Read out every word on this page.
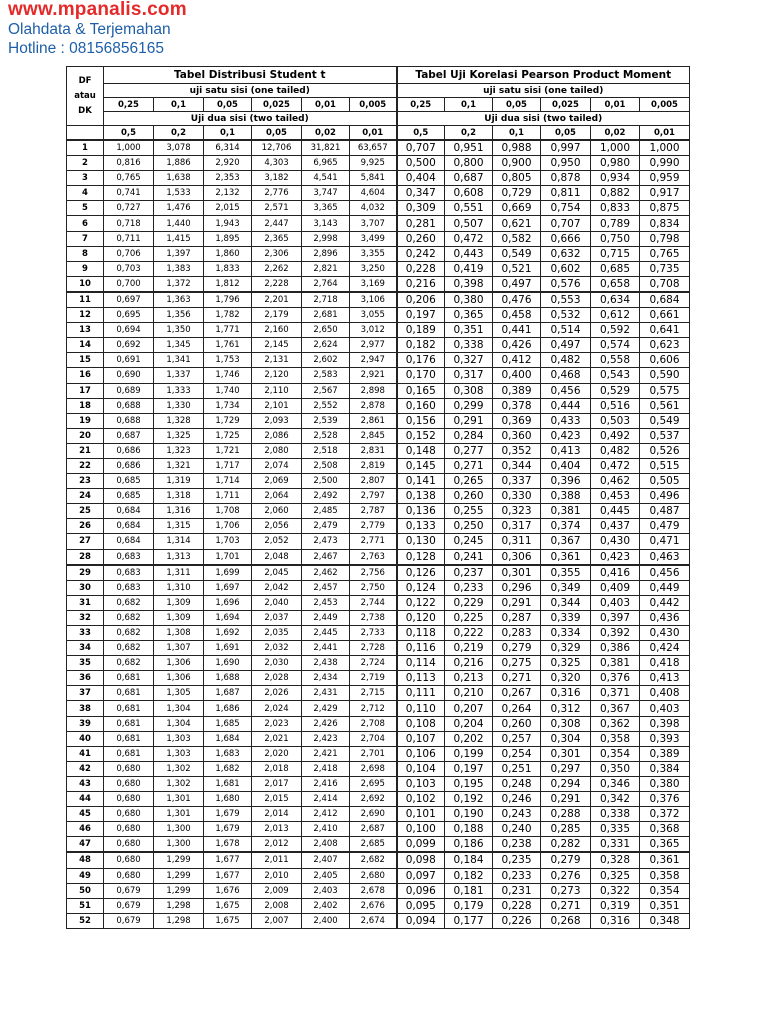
www.mpanalis.com
Olahdata & Terjemahan
Hotline : 08156856165
DF
atau
DK	Tabel Distribusi Student t						Tabel Uji Korelasi Pearson Product Moment					
	uji satu sisi (one tailed)						uji satu sisi (one tailed)					
	0,25	0,1	0,05	0,025	0,01	0,005	0,25	0,1	0,05	0,025	0,01	0,005
	Uji dua sisi (two tailed)						Uji dua sisi (two tailed)					
	0,5	0,2	0,1	0,05	0,02	0,01	0,5	0,2	0,1	0,05	0,02	0,01
1	1,000	3,078	6,314	12,706	31,821	63,657	0,707	0,951	0,988	0,997	1,000	1,000
2	0,816	1,886	2,920	4,303	6,965	9,925	0,500	0,800	0,900	0,950	0,980	0,990
3	0,765	1,638	2,353	3,182	4,541	5,841	0,404	0,687	0,805	0,878	0,934	0,959
4	0,741	1,533	2,132	2,776	3,747	4,604	0,347	0,608	0,729	0,811	0,882	0,917
5	0,727	1,476	2,015	2,571	3,365	4,032	0,309	0,551	0,669	0,754	0,833	0,875
6	0,718	1,440	1,943	2,447	3,143	3,707	0,281	0,507	0,621	0,707	0,789	0,834
7	0,711	1,415	1,895	2,365	2,998	3,499	0,260	0,472	0,582	0,666	0,750	0,798
8	0,706	1,397	1,860	2,306	2,896	3,355	0,242	0,443	0,549	0,632	0,715	0,765
9	0,703	1,383	1,833	2,262	2,821	3,250	0,228	0,419	0,521	0,602	0,685	0,735
10	0,700	1,372	1,812	2,228	2,764	3,169	0,216	0,398	0,497	0,576	0,658	0,708
11	0,697	1,363	1,796	2,201	2,718	3,106	0,206	0,380	0,476	0,553	0,634	0,684
12	0,695	1,356	1,782	2,179	2,681	3,055	0,197	0,365	0,458	0,532	0,612	0,661
13	0,694	1,350	1,771	2,160	2,650	3,012	0,189	0,351	0,441	0,514	0,592	0,641
14	0,692	1,345	1,761	2,145	2,624	2,977	0,182	0,338	0,426	0,497	0,574	0,623
15	0,691	1,341	1,753	2,131	2,602	2,947	0,176	0,327	0,412	0,482	0,558	0,606
16	0,690	1,337	1,746	2,120	2,583	2,921	0,170	0,317	0,400	0,468	0,543	0,590
17	0,689	1,333	1,740	2,110	2,567	2,898	0,165	0,308	0,389	0,456	0,529	0,575
18	0,688	1,330	1,734	2,101	2,552	2,878	0,160	0,299	0,378	0,444	0,516	0,561
19	0,688	1,328	1,729	2,093	2,539	2,861	0,156	0,291	0,369	0,433	0,503	0,549
20	0,687	1,325	1,725	2,086	2,528	2,845	0,152	0,284	0,360	0,423	0,492	0,537
21	0,686	1,323	1,721	2,080	2,518	2,831	0,148	0,277	0,352	0,413	0,482	0,526
22	0,686	1,321	1,717	2,074	2,508	2,819	0,145	0,271	0,344	0,404	0,472	0,515
23	0,685	1,319	1,714	2,069	2,500	2,807	0,141	0,265	0,337	0,396	0,462	0,505
24	0,685	1,318	1,711	2,064	2,492	2,797	0,138	0,260	0,330	0,388	0,453	0,496
25	0,684	1,316	1,708	2,060	2,485	2,787	0,136	0,255	0,323	0,381	0,445	0,487
26	0,684	1,315	1,706	2,056	2,479	2,779	0,133	0,250	0,317	0,374	0,437	0,479
27	0,684	1,314	1,703	2,052	2,473	2,771	0,130	0,245	0,311	0,367	0,430	0,471
28	0,683	1,313	1,701	2,048	2,467	2,763	0,128	0,241	0,306	0,361	0,423	0,463
29	0,683	1,311	1,699	2,045	2,462	2,756	0,126	0,237	0,301	0,355	0,416	0,456
30	0,683	1,310	1,697	2,042	2,457	2,750	0,124	0,233	0,296	0,349	0,409	0,449
31	0,682	1,309	1,696	2,040	2,453	2,744	0,122	0,229	0,291	0,344	0,403	0,442
32	0,682	1,309	1,694	2,037	2,449	2,738	0,120	0,225	0,287	0,339	0,397	0,436
33	0,682	1,308	1,692	2,035	2,445	2,733	0,118	0,222	0,283	0,334	0,392	0,430
34	0,682	1,307	1,691	2,032	2,441	2,728	0,116	0,219	0,279	0,329	0,386	0,424
35	0,682	1,306	1,690	2,030	2,438	2,724	0,114	0,216	0,275	0,325	0,381	0,418
36	0,681	1,306	1,688	2,028	2,434	2,719	0,113	0,213	0,271	0,320	0,376	0,413
37	0,681	1,305	1,687	2,026	2,431	2,715	0,111	0,210	0,267	0,316	0,371	0,408
38	0,681	1,304	1,686	2,024	2,429	2,712	0,110	0,207	0,264	0,312	0,367	0,403
39	0,681	1,304	1,685	2,023	2,426	2,708	0,108	0,204	0,260	0,308	0,362	0,398
40	0,681	1,303	1,684	2,021	2,423	2,704	0,107	0,202	0,257	0,304	0,358	0,393
41	0,681	1,303	1,683	2,020	2,421	2,701	0,106	0,199	0,254	0,301	0,354	0,389
42	0,680	1,302	1,682	2,018	2,418	2,698	0,104	0,197	0,251	0,297	0,350	0,384
43	0,680	1,302	1,681	2,017	2,416	2,695	0,103	0,195	0,248	0,294	0,346	0,380
44	0,680	1,301	1,680	2,015	2,414	2,692	0,102	0,192	0,246	0,291	0,342	0,376
45	0,680	1,301	1,679	2,014	2,412	2,690	0,101	0,190	0,243	0,288	0,338	0,372
46	0,680	1,300	1,679	2,013	2,410	2,687	0,100	0,188	0,240	0,285	0,335	0,368
47	0,680	1,300	1,678	2,012	2,408	2,685	0,099	0,186	0,238	0,282	0,331	0,365
48	0,680	1,299	1,677	2,011	2,407	2,682	0,098	0,184	0,235	0,279	0,328	0,361
49	0,680	1,299	1,677	2,010	2,405	2,680	0,097	0,182	0,233	0,276	0,325	0,358
50	0,679	1,299	1,676	2,009	2,403	2,678	0,096	0,181	0,231	0,273	0,322	0,354
51	0,679	1,298	1,675	2,008	2,402	2,676	0,095	0,179	0,228	0,271	0,319	0,351
52	0,679	1,298	1,675	2,007	2,400	2,674	0,094	0,177	0,226	0,268	0,316	0,348
